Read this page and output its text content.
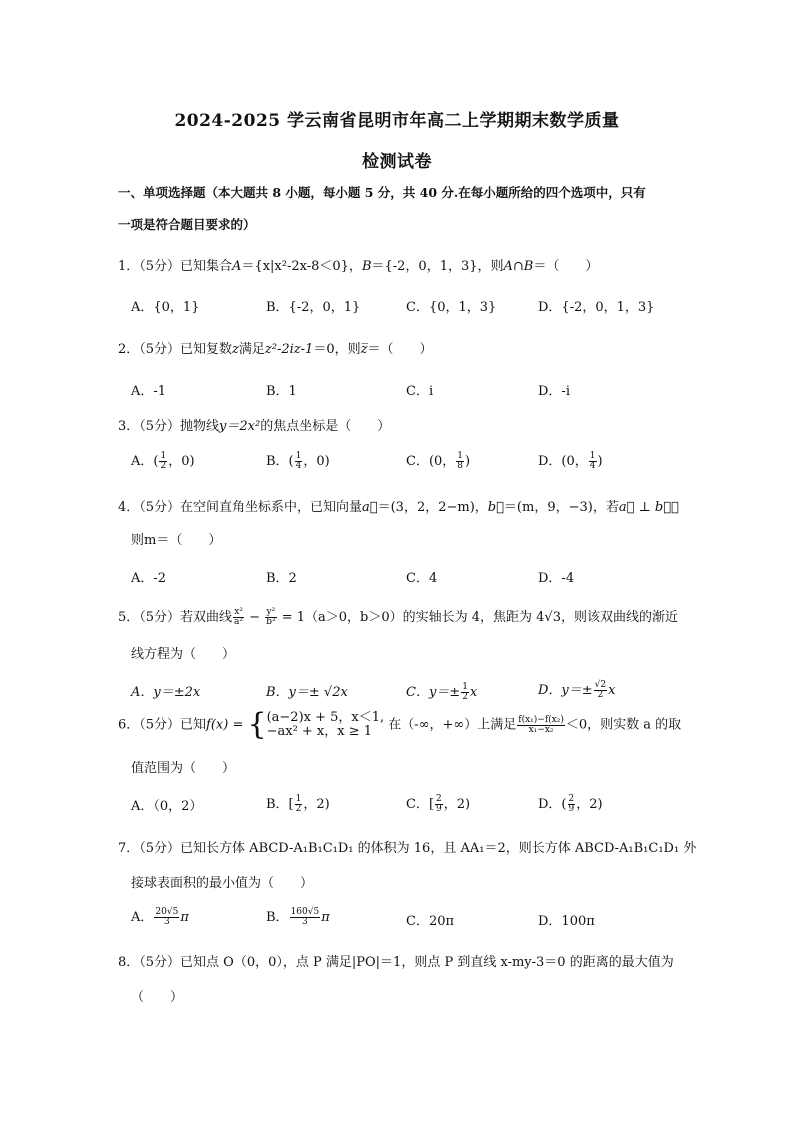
2024-2025 学云南省昆明市年高二上学期期末数学质量
检测试卷
一、单项选择题（本大题共 8 小题，每小题 5 分，共 40 分.在每小题所给的四个选项中，只有
一项是符合题目要求的）
1．（5分）已知集合A＝{x|x²-2x-8＜0}，B＝{-2，0，1，3}，则A∩B＝（　　）
A．{0，1}	B．{-2，0，1}	C．{0，1，3}	D．{-2，0，1，3}
2．（5分）已知复数z满足z²-2iz-1＝0，则z̅＝（　　）
A．-1	B．1	C．i	D．-i
3．（5分）抛物线y＝2x²的焦点坐标是（　　）
A．( $\frac{1}{2}$ ，0)	B．( $\frac{1}{4}$ ，0)	C．(0， $\frac{1}{8}$ )	D．(0， $\frac{1}{4}$ )
4．（5分）在空间直角坐标系中，已知向量a⃗＝(3，2，2−m)，b⃗＝(m，9，−3)，若a⃗ ⊥ b⃗，
则m＝（　　）
A．-2	B．2	C．4	D．-4
5．（5分）若双曲线 $\frac{\text{x²}}{\text{a²}} - \frac{\text{y²}}{\text{b²}} = 1(a>0$，b＞0）的实轴长为 4，焦距为 4√3，则该双曲线的渐近
线方程为（　　）
A．y＝±2x	B．y＝± √2x	C．$y=\pm \frac{1}{2}$ x	D．$y=\pm \frac{√2}{2}$ x
6．（5分）已知f(x) = { (a−2)x + 5，x＜1,
−ax² + x，x ≥ 1	在（-∞，+∞）上满足 $\frac{\text{f(x₁)−f(x₂)}}{\text{x₁−x₂}} <0$，则实数 a 的取
值范围为（　　）
A．（0，2）	B．[ $\frac{1}{2}$ ，2)	C．[ $\frac{2}{9}$ ，2)	D．( $\frac{2}{9}$ ，2)
7．（5分）已知长方体 ABCD-A₁B₁C₁D₁ 的体积为 16，且 AA₁＝2，则长方体 ABCD-A₁B₁C₁D₁ 外
接球表面积的最小值为（　　）
A． $\frac{20√5}{3}$ π	B． $\frac{160√5}{3}$ π	C．20π	D．100π
8．（5分）已知点 O（0，0），点 P 满足|PO|＝1，则点 P 到直线 x-my-3＝0 的距离的最大值为
（　　）
